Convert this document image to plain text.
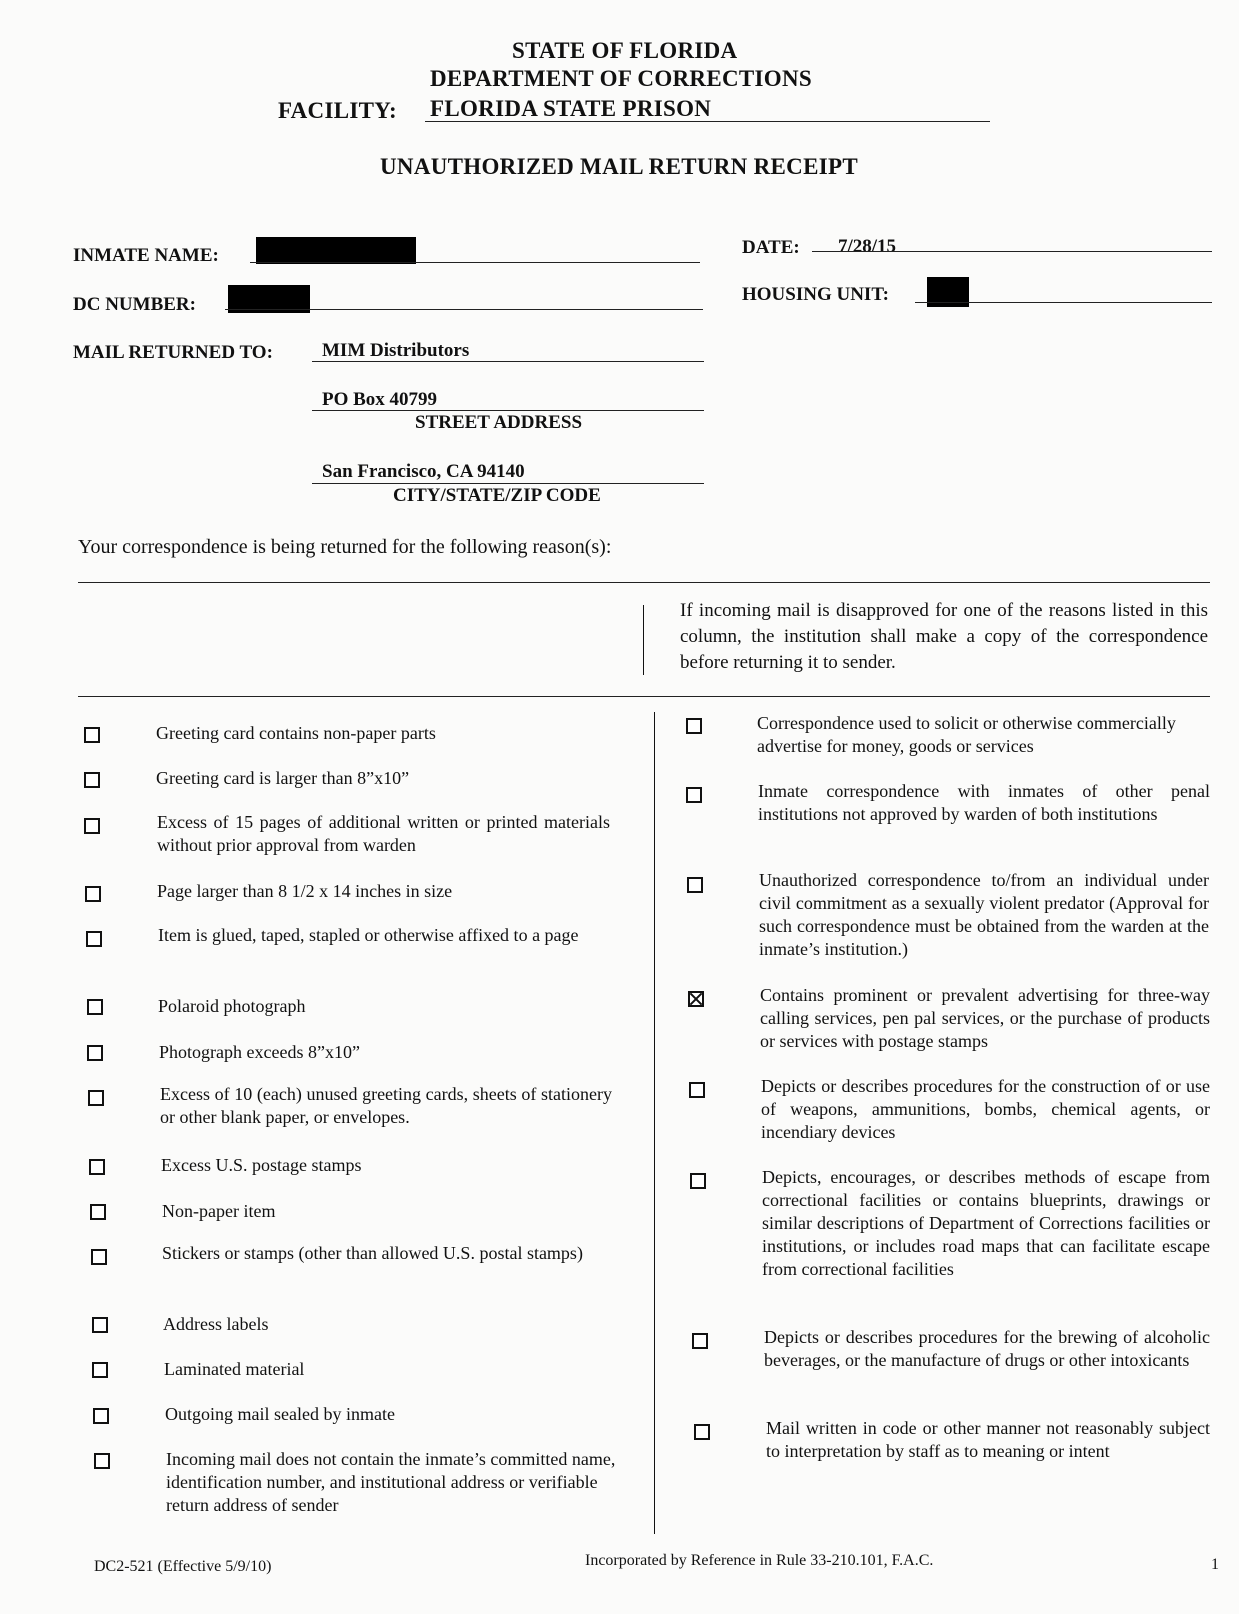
STATE OF FLORIDA
DEPARTMENT OF CORRECTIONS
FACILITY: FLORIDA STATE PRISON
UNAUTHORIZED MAIL RETURN RECEIPT
INMATE NAME:	DATE: 7/28/15
DC NUMBER:	HOUSING UNIT:
MAIL RETURNED TO:	MIM Distributors
PO Box 40799
STREET ADDRESS
San Francisco, CA 94140
CITY/STATE/ZIP CODE
Your correspondence is being returned for the following reason(s):
If incoming mail is disapproved for one of the reasons listed in this column, the institution shall make a copy of the correspondence before returning it to sender.
Greeting card contains non-paper parts
Greeting card is larger than 8”x10”
Excess of 15 pages of additional written or printed materials without prior approval from warden
Page larger than 8 1/2 x 14 inches in size
Item is glued, taped, stapled or otherwise affixed to a page
Polaroid photograph
Photograph exceeds 8”x10”
Excess of 10 (each) unused greeting cards, sheets of stationery or other blank paper, or envelopes.
Excess U.S. postage stamps
Non-paper item
Stickers or stamps (other than allowed U.S. postal stamps)
Address labels
Laminated material
Outgoing mail sealed by inmate
Incoming mail does not contain the inmate’s committed name, identification number, and institutional address or verifiable return address of sender
Correspondence used to solicit or otherwise commercially advertise for money, goods or services
Inmate correspondence with inmates of other penal institutions not approved by warden of both institutions
Unauthorized correspondence to/from an individual under civil commitment as a sexually violent predator (Approval for such correspondence must be obtained from the warden at the inmate’s institution.)
Contains prominent or prevalent advertising for three-way calling services, pen pal services, or the purchase of products or services with postage stamps
Depicts or describes procedures for the construction of or use of weapons, ammunitions, bombs, chemical agents, or incendiary devices
Depicts, encourages, or describes methods of escape from correctional facilities or contains blueprints, drawings or similar descriptions of Department of Corrections facilities or institutions, or includes road maps that can facilitate escape from correctional facilities
Depicts or describes procedures for the brewing of alcoholic beverages, or the manufacture of drugs or other intoxicants
Mail written in code or other manner not reasonably subject to interpretation by staff as to meaning or intent
DC2-521 (Effective 5/9/10)	Incorporated by Reference in Rule 33-210.101, F.A.C.	1
